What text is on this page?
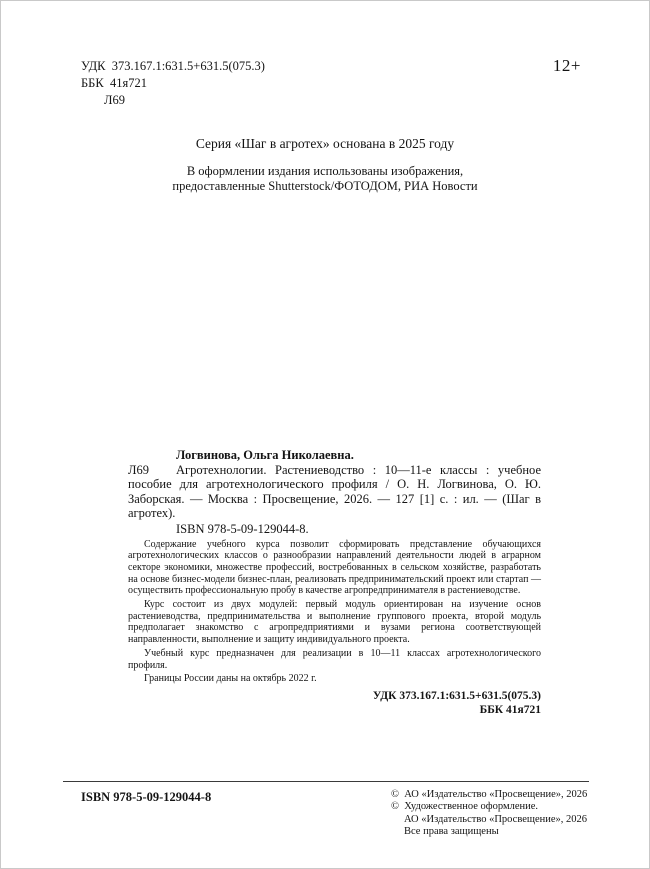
УДК  373.167.1:631.5+631.5(075.3)
ББК  41я721
Л69
12+
Серия «Шаг в агротех» основана в 2025 году
В оформлении издания использованы изображения,
предоставленные Shutterstock/ФОТОДОМ, РИА Новости
Логвинова, Ольга Николаевна.
Л69	Агротехнологии. Растениеводство : 10—11-е классы : учебное пособие для агротехнологического профиля / О. Н. Логвинова, О. Ю. Заборская. — Москва : Просвещение, 2026. — 127 [1] с. : ил. — (Шаг в агротех).
ISBN 978-5-09-129044-8.
Содержание учебного курса позволит сформировать представление обучающихся агротехнологических классов о разнообразии направлений деятельности людей в аграрном секторе экономики, множестве профессий, востребованных в сельском хозяйстве, разработать на основе бизнес-модели бизнес-план, реализовать предпринимательский проект или стартап — осуществить профессиональную пробу в качестве агропредпринимателя в растениеводстве.
Курс состоит из двух модулей: первый модуль ориентирован на изучение основ растениеводства, предпринимательства и выполнение группового проекта, второй модуль предполагает знакомство с агропредприятиями и вузами региона соответствующей направленности, выполнение и защиту индивидуального проекта.
Учебный курс предназначен для реализации в 10—11 классах агротехнологического профиля.
Границы России даны на октябрь 2022 г.
УДК 373.167.1:631.5+631.5(075.3)
ББК 41я721
ISBN 978-5-09-129044-8	©  АО «Издательство «Просвещение», 2026
©  Художественное оформление.
АО «Издательство «Просвещение», 2026
Все права защищены
